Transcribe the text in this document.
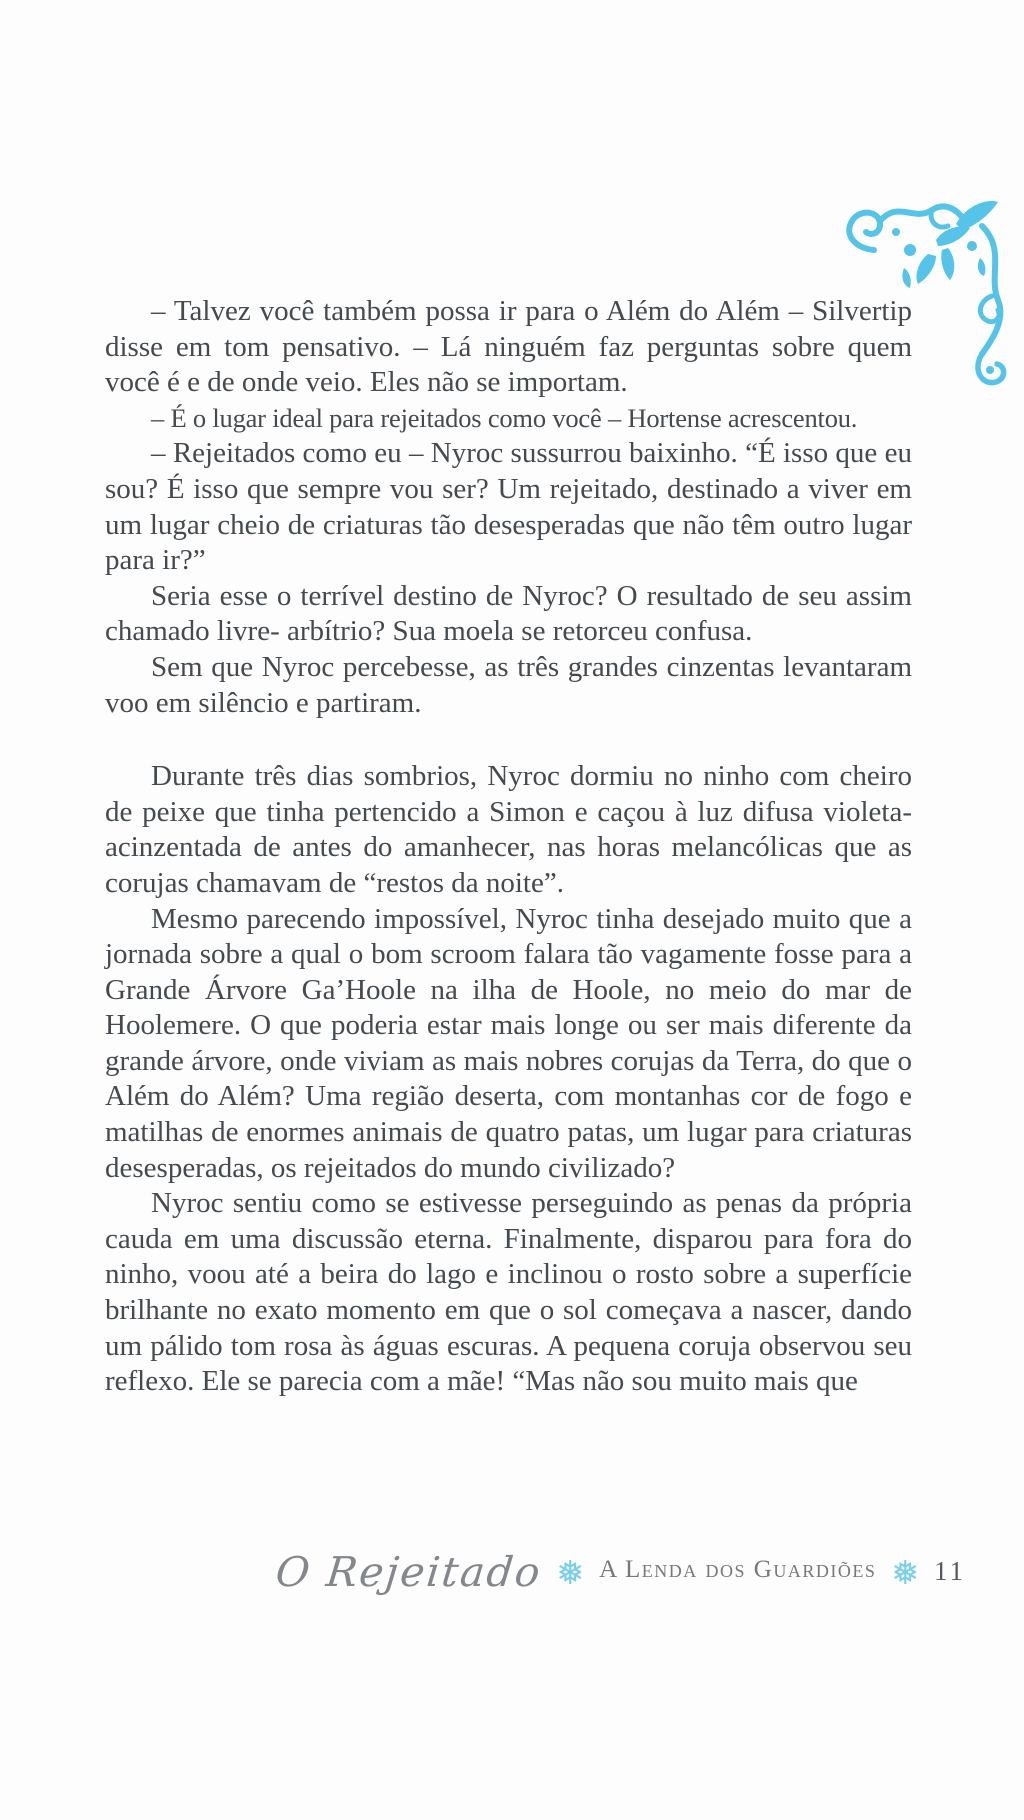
– Talvez você também possa ir para o Além do Além – Silvertip disse em tom pensativo. – Lá ninguém faz perguntas sobre quem você é e de onde veio. Eles não se importam.

– É o lugar ideal para rejeitados como você – Hortense acrescentou.

– Rejeitados como eu – Nyroc sussurrou baixinho. “É isso que eu sou? É isso que sempre vou ser? Um rejeitado, destinado a viver em um lugar cheio de criaturas tão desesperadas que não têm outro lugar para ir?”

Seria esse o terrível destino de Nyroc? O resultado de seu assim chamado livre- arbítrio? Sua moela se retorceu confusa.

Sem que Nyroc percebesse, as três grandes cinzentas levantaram voo em silêncio e partiram.

Durante três dias sombrios, Nyroc dormiu no ninho com cheiro de peixe que tinha pertencido a Simon e caçou à luz difusa violeta-acinzentada de antes do amanhecer, nas horas melancólicas que as corujas chamavam de “restos da noite”.

Mesmo parecendo impossível, Nyroc tinha desejado muito que a jornada sobre a qual o bom scroom falara tão vagamente fosse para a Grande Árvore Ga’Hoole na ilha de Hoole, no meio do mar de Hoolemere. O que poderia estar mais longe ou ser mais diferente da grande árvore, onde viviam as mais nobres corujas da Terra, do que o Além do Além? Uma região deserta, com montanhas cor de fogo e matilhas de enormes animais de quatro patas, um lugar para criaturas desesperadas, os rejeitados do mundo civilizado?

Nyroc sentiu como se estivesse perseguindo as penas da própria cauda em uma discussão eterna. Finalmente, disparou para fora do ninho, voou até a beira do lago e inclinou o rosto sobre a superfície brilhante no exato momento em que o sol começava a nascer, dando um pálido tom rosa às águas escuras. A pequena coruja observou seu reflexo. Ele se parecia com a mãe! “Mas não sou muito mais que

O Rejeitado ❅ A Lenda dos Guardiões ❅ 11
